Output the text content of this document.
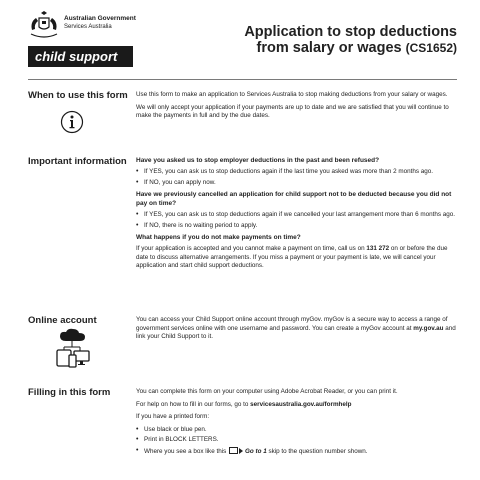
Australian Government
Services Australia
child support
Application to stop deductions
from salary or wages (CS1652)
When to use this form	Use this form to make an application to Services Australia to stop making deductions from your salary or wages.

We will only accept your application if your payments are up to date and we are satisfied that you will continue to make the payments in full and by the due dates.

Important information	Have you asked us to stop employer deductions in the past and been refused?
• If YES, you can ask us to stop deductions again if the last time you asked was more than 2 months ago.
• If NO, you can apply now.
Have we previously cancelled an application for child support not to be deducted because you did not pay on time?
• If YES, you can ask us to stop deductions again if we cancelled your last arrangement more than 6 months ago.
• If NO, there is no waiting period to apply.
What happens if you do not make payments on time?

If your application is accepted and you cannot make a payment on time, call us on 131 272 on or before the due date to discuss alternative arrangements. If you miss a payment or your payment is late, we will cancel your application and start child support deductions.

Online account	You can access your Child Support online account through myGov. myGov is a secure way to access a range of government services online with one username and password. You can create a myGov account at my.gov.au and link your Child Support to it.

Filling in this form	You can complete this form on your computer using Adobe Acrobat Reader, or you can print it.

For help on how to fill in our forms, go to servicesaustralia.gov.au/formhelp

If you have a printed form:

• Use black or blue pen.
• Print in BLOCK LETTERS.
• Where you see a box like this	Go to 1 skip to the question number shown.
